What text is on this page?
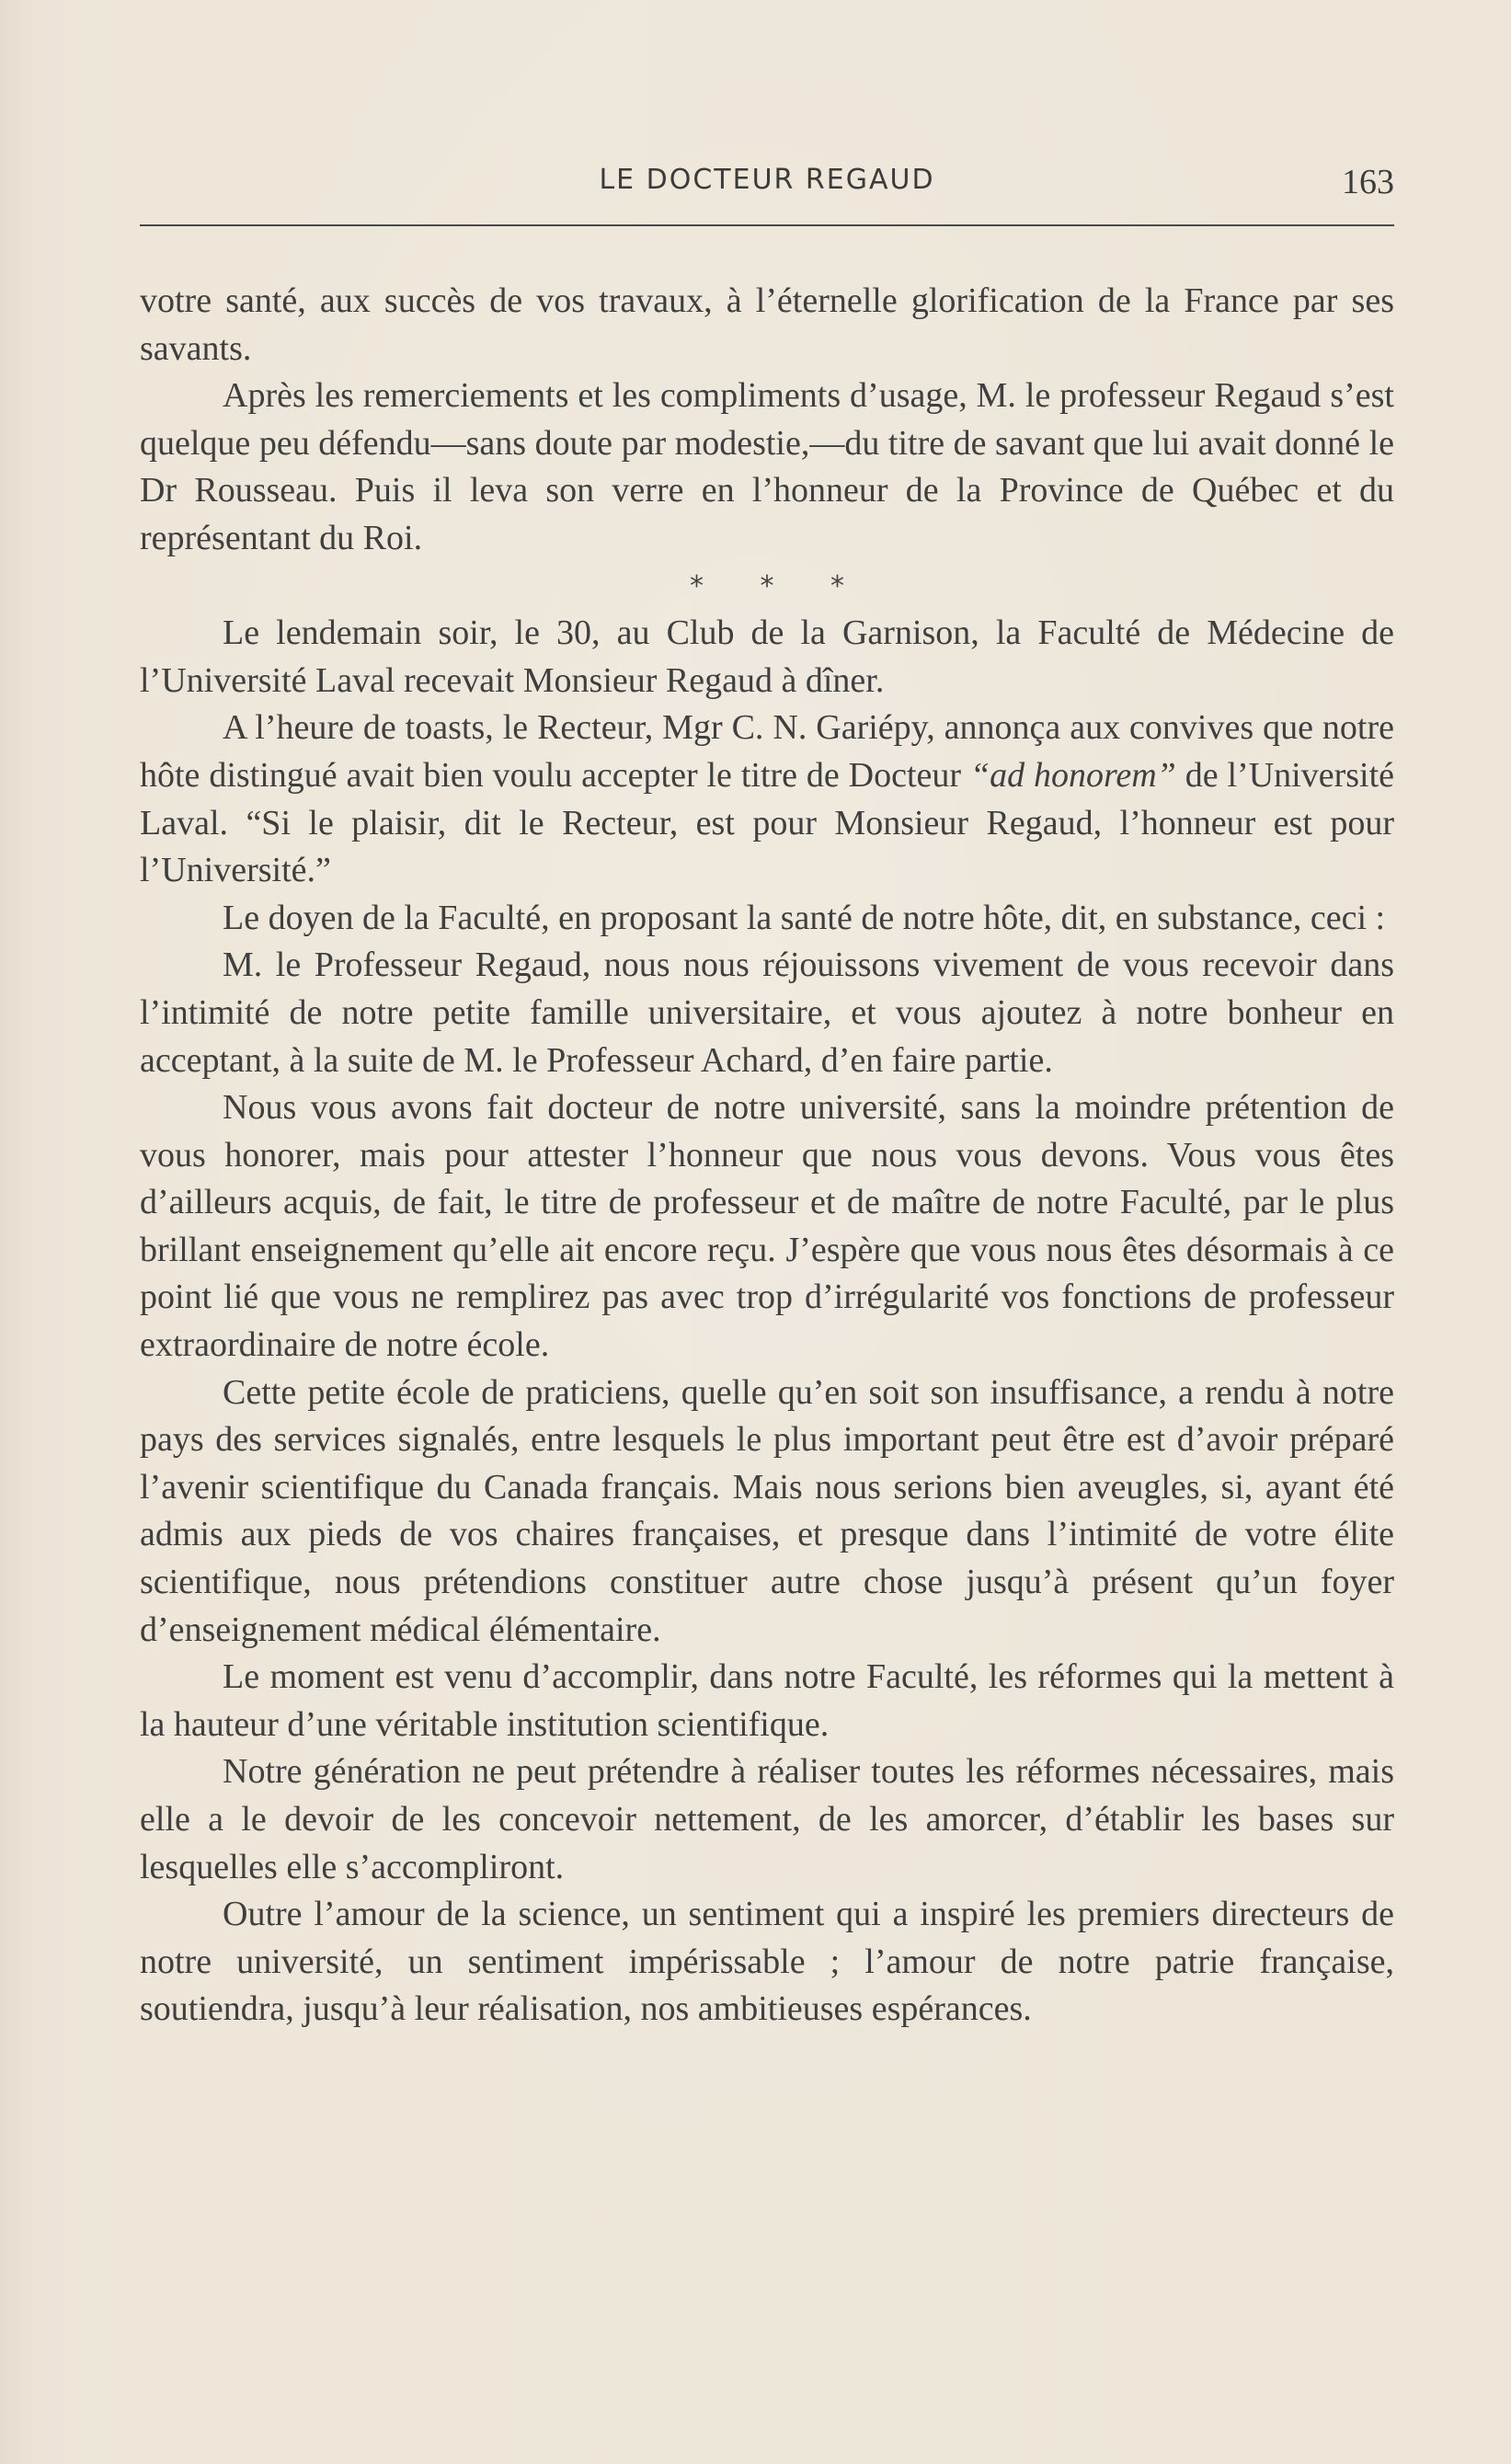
LE DOCTEUR REGAUD	163

votre santé, aux succès de vos travaux, à l’éternelle glorification de la France par ses savants.

Après les remerciements et les compliments d’usage, M. le professeur Regaud s’est quelque peu défendu—sans doute par modestie,—du titre de savant que lui avait donné le Dr Rousseau. Puis il leva son verre en l’honneur de la Province de Québec et du représentant du Roi.

* * *

Le lendemain soir, le 30, au Club de la Garnison, la Faculté de Médecine de l’Université Laval recevait Monsieur Regaud à dîner.

A l’heure de toasts, le Recteur, Mgr C. N. Gariépy, annonça aux convives que notre hôte distingué avait bien voulu accepter le titre de Docteur “ad honorem” de l’Université Laval. “Si le plaisir, dit le Recteur, est pour Monsieur Regaud, l’honneur est pour l’Université.”

Le doyen de la Faculté, en proposant la santé de notre hôte, dit, en substance, ceci :

M. le Professeur Regaud, nous nous réjouissons vivement de vous recevoir dans l’intimité de notre petite famille universitaire, et vous ajoutez à notre bonheur en acceptant, à la suite de M. le Professeur Achard, d’en faire partie.

Nous vous avons fait docteur de notre université, sans la moindre prétention de vous honorer, mais pour attester l’honneur que nous vous devons. Vous vous êtes d’ailleurs acquis, de fait, le titre de professeur et de maître de notre Faculté, par le plus brillant enseignement qu’elle ait encore reçu. J’espère que vous nous êtes désormais à ce point lié que vous ne remplirez pas avec trop d’irrégularité vos fonctions de professeur extraordinaire de notre école.

Cette petite école de praticiens, quelle qu’en soit son insuffisance, a rendu à notre pays des services signalés, entre lesquels le plus important peut être est d’avoir préparé l’avenir scientifique du Canada français. Mais nous serions bien aveugles, si, ayant été admis aux pieds de vos chaires françaises, et presque dans l’intimité de votre élite scientifique, nous prétendions constituer autre chose jusqu’à présent qu’un foyer d’enseignement médical élémentaire.

Le moment est venu d’accomplir, dans notre Faculté, les réformes qui la mettent à la hauteur d’une véritable institution scientifique.

Notre génération ne peut prétendre à réaliser toutes les réformes nécessaires, mais elle a le devoir de les concevoir nettement, de les amorcer, d’établir les bases sur lesquelles elle s’accompliront.

Outre l’amour de la science, un sentiment qui a inspiré les premiers directeurs de notre université, un sentiment impérissable ; l’amour de notre patrie française, soutiendra, jusqu’à leur réalisation, nos ambitieuses espérances.
